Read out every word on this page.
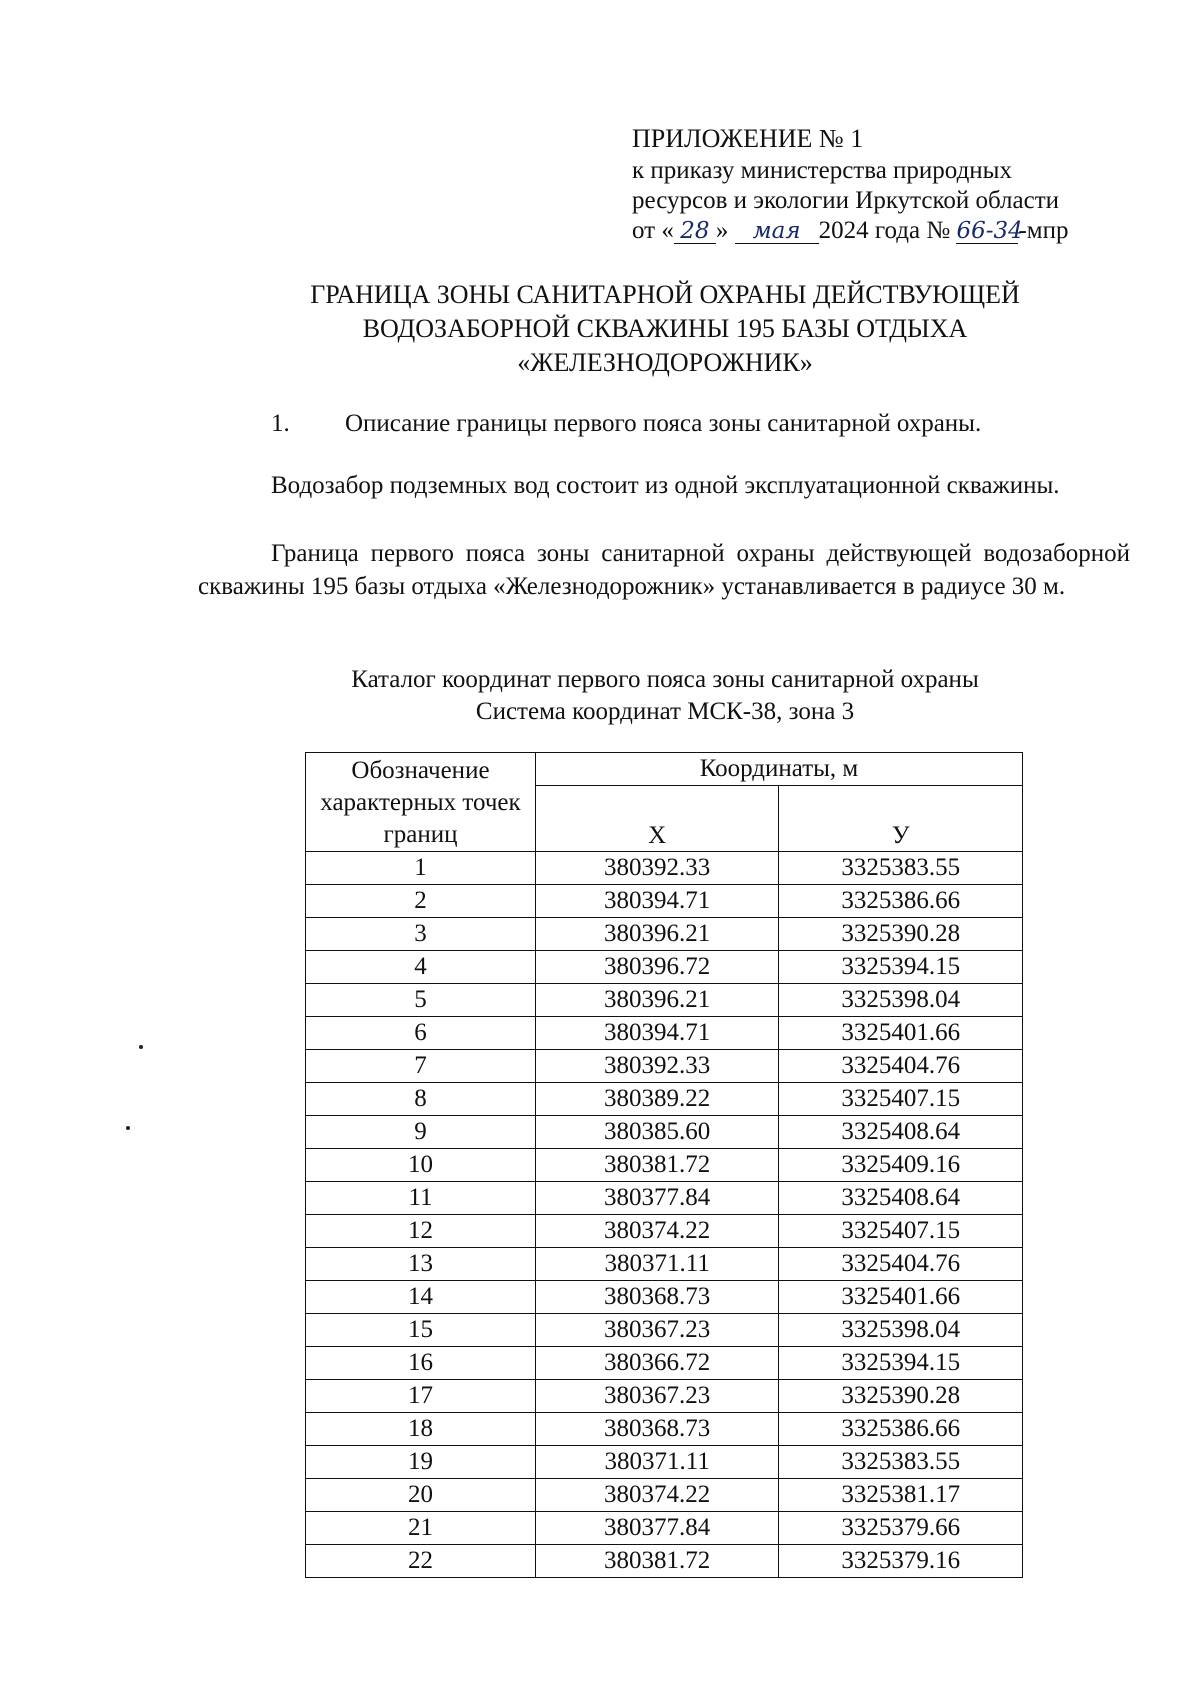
ПРИЛОЖЕНИЕ № 1
к приказу министерства природных
ресурсов и экологии Иркутской области
от « 28 » мая 2024 года № 66-34-мпр
ГРАНИЦА ЗОНЫ САНИТАРНОЙ ОХРАНЫ ДЕЙСТВУЮЩЕЙ
ВОДОЗАБОРНОЙ СКВАЖИНЫ 195 БАЗЫ ОТДЫХА
«ЖЕЛЕЗНОДОРОЖНИК»
1. Описание границы первого пояса зоны санитарной охраны.
Водозабор подземных вод состоит из одной эксплуатационной скважины.
Граница первого пояса зоны санитарной охраны действующей водозаборной скважины 195 базы отдыха «Железнодорожник» устанавливается в радиусе 30 м.
Каталог координат первого пояса зоны санитарной охраны
Система координат МСК-38, зона 3
Обозначение характерных точек границ	Координаты, м	
	Х	У
1	380392.33	3325383.55
2	380394.71	3325386.66
3	380396.21	3325390.28
4	380396.72	3325394.15
5	380396.21	3325398.04
6	380394.71	3325401.66
7	380392.33	3325404.76
8	380389.22	3325407.15
9	380385.60	3325408.64
10	380381.72	3325409.16
11	380377.84	3325408.64
12	380374.22	3325407.15
13	380371.11	3325404.76
14	380368.73	3325401.66
15	380367.23	3325398.04
16	380366.72	3325394.15
17	380367.23	3325390.28
18	380368.73	3325386.66
19	380371.11	3325383.55
20	380374.22	3325381.17
21	380377.84	3325379.66
22	380381.72	3325379.16
